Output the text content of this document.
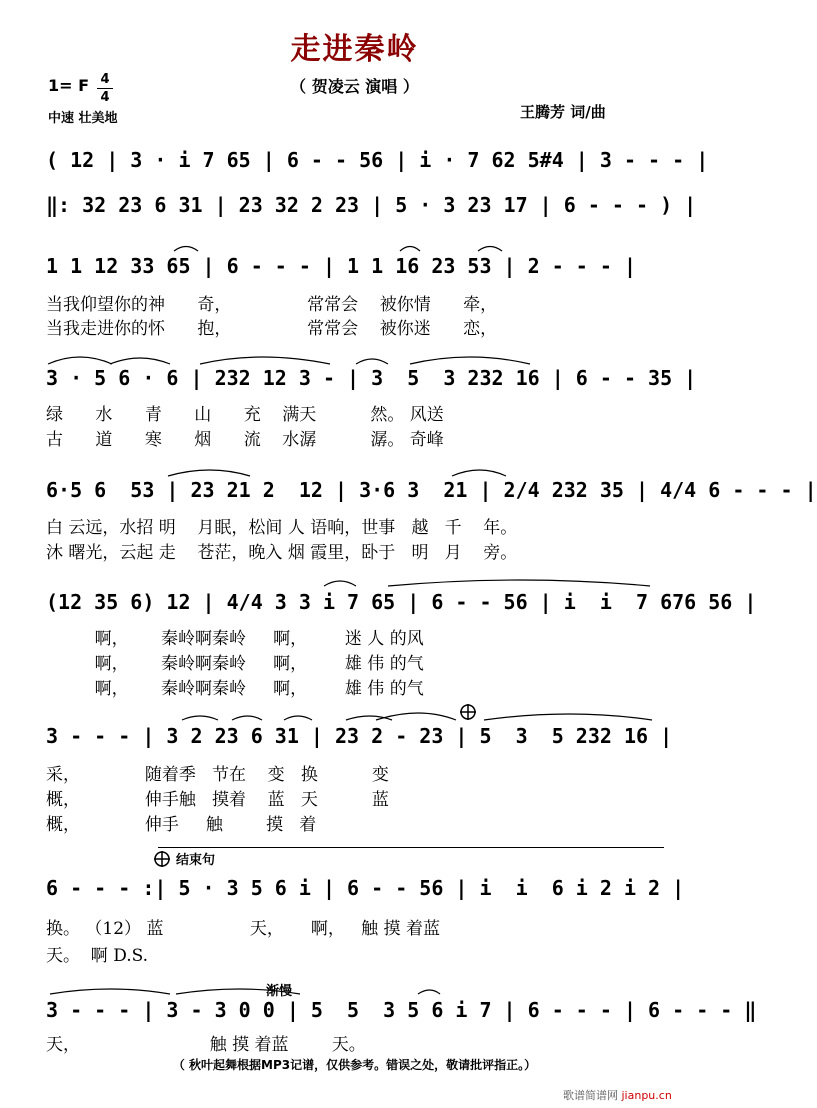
走进秦岭
（ 贺凌云 演唱 ）
1= F 4
4
中速 壮美地	王腾芳 词/曲
( 12 | 3 · i 7 65 | 6 - - 56 | i · 7 62 5#4 | 3 - - - |
‖: 32 23 6 31 | 23 32 2 23 | 5 · 3 23 17 | 6 - - - ) |
1 1 12 33 65 | 6 - - - | 1 1 16 23 53 | 2 - - - |
当我仰望你的神      奇，              常常会    被你情      牵，
当我走进你的怀      抱，              常常会    被你迷      恋，
3 · 5 6 · 6 | 232 12 3 - | 3  5  3 232 16 | 6 - - 35 |
绿      水      青      山      充    满天          然。 风送
古      道      寒      烟      流    水潺          潺。 奇峰
6·5 6  53 | 23 21 2  12 | 3·6 3  21 | 2/4 232 35 | 4/4 6 - - - |
白 云远，水招 明    月眠，松间 人 语响，世事   越   千    年。
沐 曙光，云起 走    苍茫，晚入 烟 霞里，卧于   明   月    旁。
(12 35 6) 12 | 4/4 3 3 i 7 65 | 6 - - 56 | i  i  7 676 56 |
啊，      秦岭啊秦岭     啊，       迷 人 的风
啊，      秦岭啊秦岭     啊，       雄 伟 的气
啊，      秦岭啊秦岭     啊，       雄 伟 的气
3 - - - | 3 2 23 6 31 | 23 2 - 23 | 5  3  5 232 16 |
采，            随着季   节在    变   换          变
概，            伸手触   摸着    蓝   天          蓝
概，            伸手     触        摸   着
结束句
6 - - - :| 5 · 3 5 6 i | 6 - - 56 | i  i  6 i 2 i 2 |
换。 （12） 蓝                天，     啊，   触 摸 着蓝
天。  啊 D.S.
渐慢
3 - - - | 3 - 3 0 0 | 5  5  3 5 6 i 7 | 6 - - - | 6 - - - ‖
天，                        触 摸 着蓝        天。
（ 秋叶起舞根据MP3记谱，仅供参考。错误之处，敬请批评指正。）
歌谱简谱网 jianpu.cn
